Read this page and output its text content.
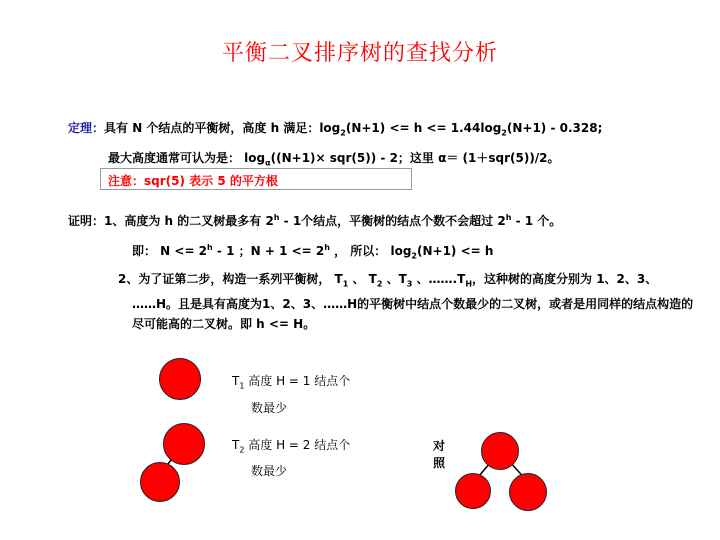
平衡二叉排序树的查找分析
定理：具有 N 个结点的平衡树，高度 h 满足：$\log_2(N+1) <= h <= 1.44\log_2(N+1) - 0.328$;
最大高度通常可认为是： $\log_\alpha((N+1)\times sqr(5)) - 2$；这里 α＝ (1＋sqr(5))/2。
注意：sqr(5) 表示 5 的平方根
证明：1、高度为 h 的二叉树最多有 2$^h$ - 1个结点，平衡树的结点个数不会超过 2$^h$ - 1 个。
即： $N <= 2^h - 1$ ；$N + 1 <= 2^h$ ， 所以： $\log_2(N+1) <= h$
2、为了证第二步，构造一系列平衡树， $T_1$ 、 $T_2$ 、$T_3$ 、$\dots\dots.T_H$，这种树的高度分别为 1、2、3、
……H。且是具有高度为1、2、3、……H的平衡树中结点个数最少的二叉树，或者是用同样的结点构造的尽可能高的二叉树。即 h <= H。
$T_1$ 高度 H = 1 结点个
数最少
$T_2$ 高度 H = 2 结点个
数最少
对
照
